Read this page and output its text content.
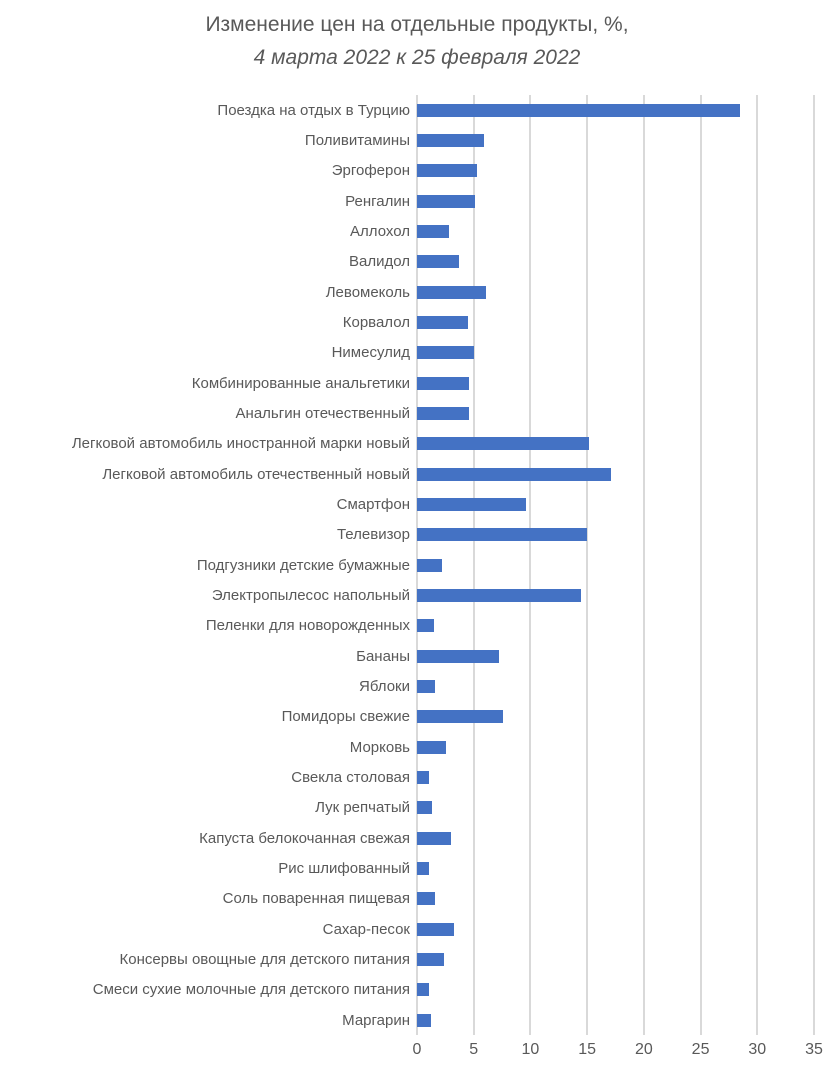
Изменение цен на отдельные продукты, %,
4 марта 2022 к 25 февраля 2022
Поездка на отдых в Турцию
Поливитамины
Эргоферон
Ренгалин
Аллохол
Валидол
Левомеколь
Корвалол
Нимесулид
Комбинированные анальгетики
Анальгин отечественный
Легковой автомобиль иностранной марки новый
Легковой автомобиль отечественный новый
Смартфон
Телевизор
Подгузники детские бумажные
Электропылесос напольный
Пеленки для новорожденных
Бананы
Яблоки
Помидоры свежие
Морковь
Свекла столовая
Лук репчатый
Капуста белокочанная свежая
Рис шлифованный
Соль поваренная пищевая
Сахар-песок
Консервы овощные для детского питания
Смеси сухие молочные для детского питания
Маргарин
0	5	10 15 20 25 30 35
